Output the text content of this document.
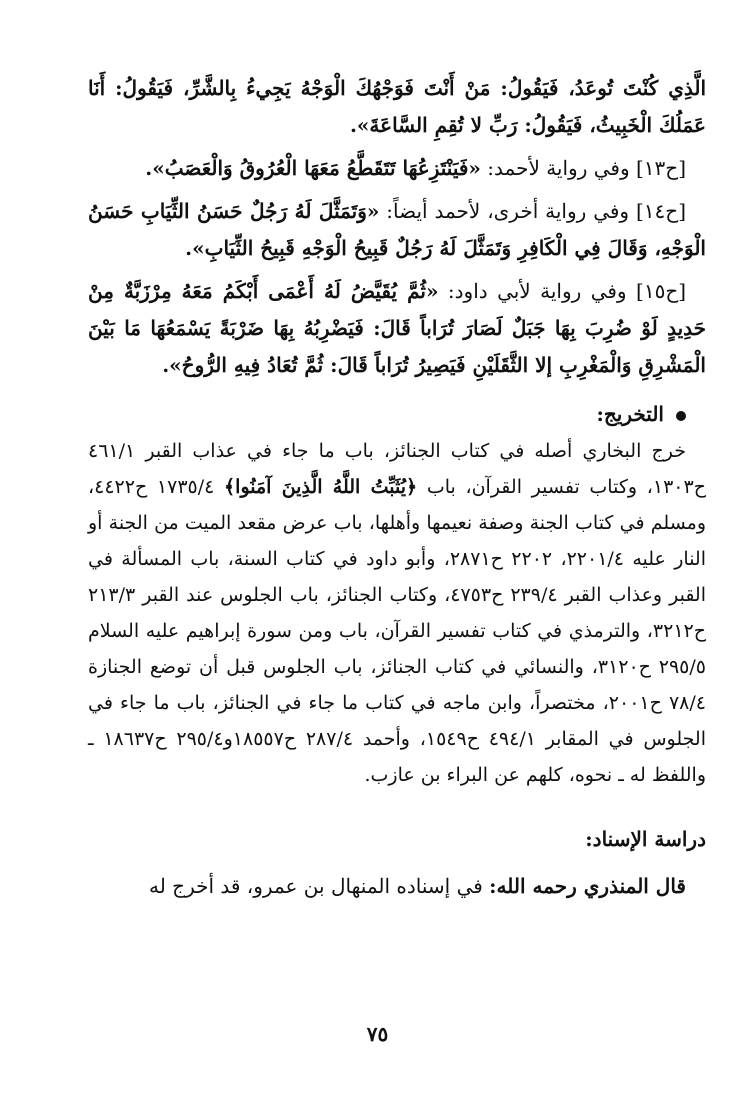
الَّذِي كُنْتَ تُوعَدُ، فَيَقُولُ: مَنْ أَنْتَ فَوَجْهُكَ الْوَجْهُ يَجِيءُ بِالشَّرِّ، فَيَقُولُ: أَنَا عَمَلُكَ الْخَبِيثُ، فَيَقُولُ: رَبِّ لا تُقِمِ السَّاعَةَ».

[ح١٣] وفي رواية لأحمد: «فَيَنْتَزِعُهَا تَتَقَطَّعُ مَعَهَا الْعُرُوقُ وَالْعَصَبُ».

[ح١٤] وفي رواية أخرى، لأحمد أيضاً: «وَتَمَثَّلَ لَهُ رَجُلٌ حَسَنُ الثِّيَابِ حَسَنُ الْوَجْهِ، وَقَالَ فِي الْكَافِرِ وَتَمَثَّلَ لَهُ رَجُلٌ قَبِيحُ الْوَجْهِ قَبِيحُ الثِّيَابِ».

[ح١٥] وفي رواية لأبي داود: «ثُمَّ يُقَيَّضُ لَهُ أَعْمَى أَبْكَمُ مَعَهُ مِرْزَبَّةٌ مِنْ حَدِيدٍ لَوْ ضُرِبَ بِهَا جَبَلٌ لَصَارَ تُرَاباً قَالَ: فَيَضْرِبُهُ بِهَا ضَرْبَةً يَسْمَعُهَا مَا بَيْنَ الْمَشْرِقِ وَالْمَغْرِبِ إلا الثَّقَلَيْنِ فَيَصِيرُ تُرَاباً قَالَ: ثُمَّ تُعَادُ فِيهِ الرُّوحُ».

التخريج:

خرج البخاري أصله في كتاب الجنائز، باب ما جاء في عذاب القبر ٤٦١/١ ح١٣٠٣، وكتاب تفسير القرآن، باب ﴿يُثَبِّتُ اللَّهُ الَّذِينَ آمَنُوا﴾ ١٧٣٥/٤ ح٤٤٢٢، ومسلم في كتاب الجنة وصفة نعيمها وأهلها، باب عرض مقعد الميت من الجنة أو النار عليه ٢٢٠١/٤، ٢٢٠٢ ح٢٨٧١، وأبو داود في كتاب السنة، باب المسألة في القبر وعذاب القبر ٢٣٩/٤ ح٤٧٥٣، وكتاب الجنائز، باب الجلوس عند القبر ٢١٣/٣ ح٣٢١٢، والترمذي في كتاب تفسير القرآن، باب ومن سورة إبراهيم عليه السلام ٢٩٥/٥ ح٣١٢٠، والنسائي في كتاب الجنائز، باب الجلوس قبل أن توضع الجنازة ٧٨/٤ ح٢٠٠١، مختصراً، وابن ماجه في كتاب ما جاء في الجنائز، باب ما جاء في الجلوس في المقابر ٤٩٤/١ ح١٥٤٩، وأحمد ٢٨٧/٤ ح١٨٥٥٧و٢٩٥/٤ ح١٨٦٣٧ ـ واللفظ له ـ نحوه، كلهم عن البراء بن عازب.

دراسة الإسناد:

قال المنذري رحمه الله: في إسناده المنهال بن عمرو، قد أخرج له

٧٥
